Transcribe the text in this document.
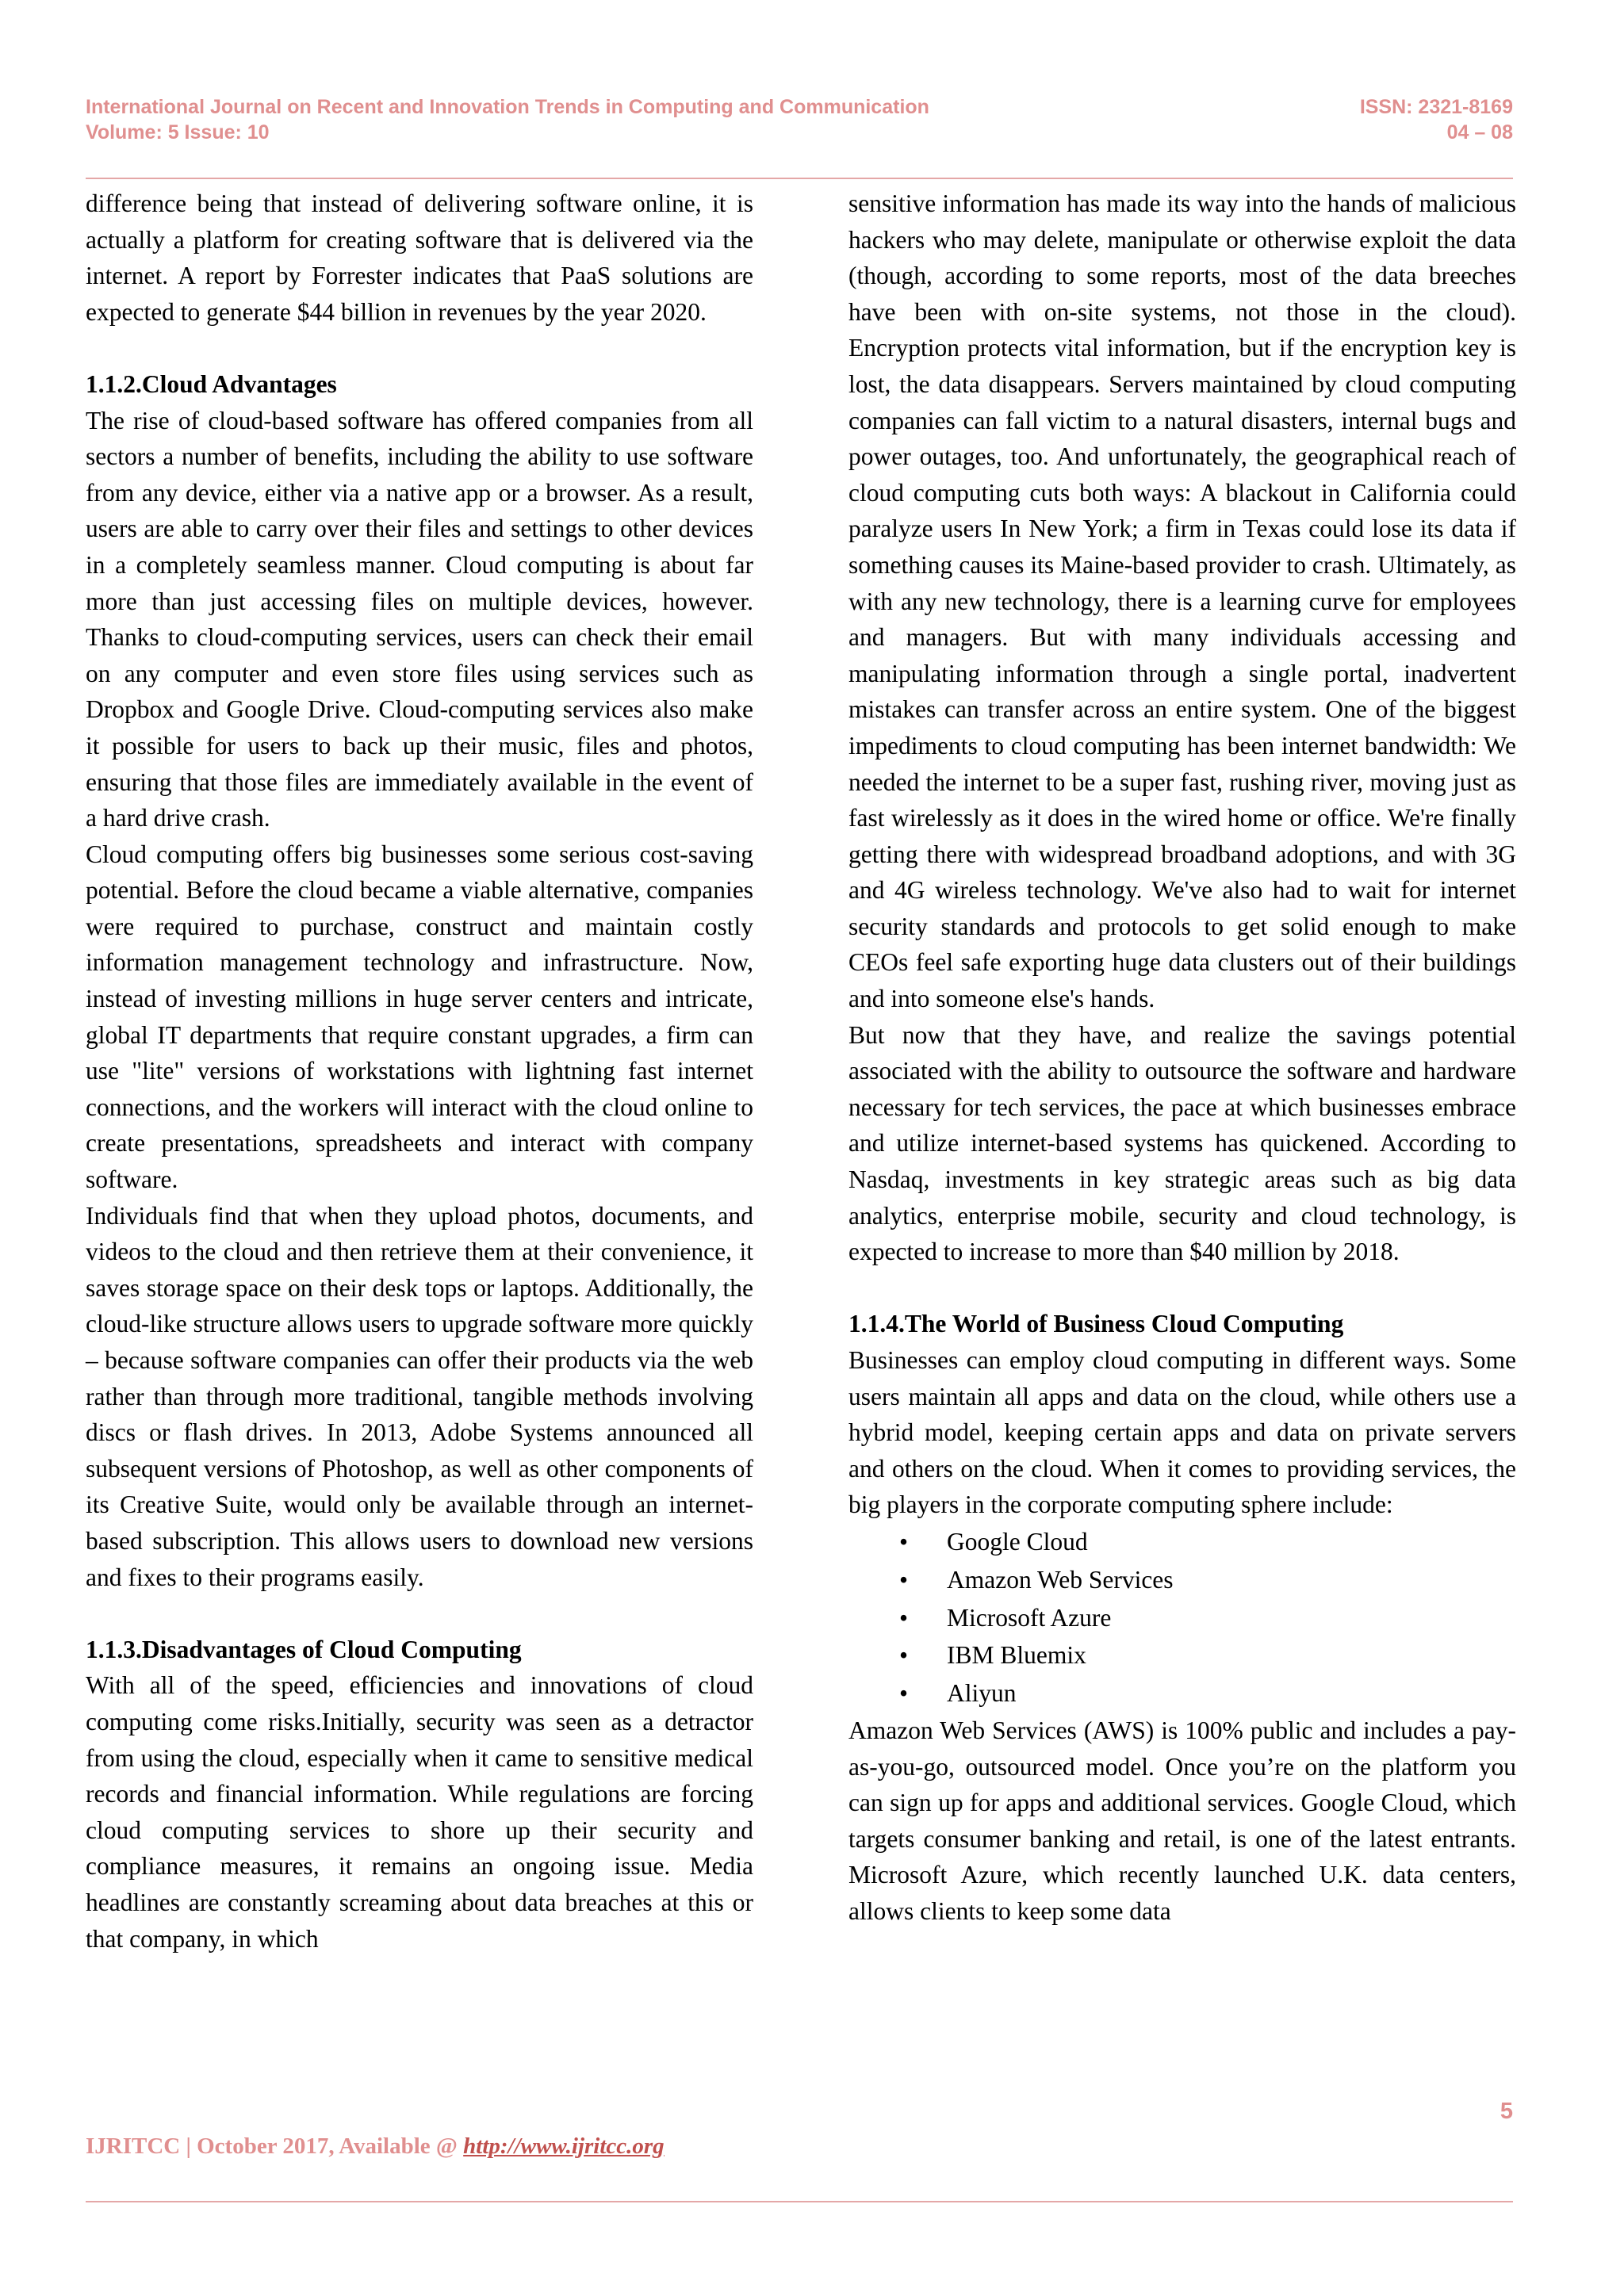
International Journal on Recent and Innovation Trends in Computing and Communication
Volume: 5 Issue: 10
ISSN: 2321-8169
04 – 08

difference being that instead of delivering software online, it is actually a platform for creating software that is delivered via the internet. A report by Forrester indicates that PaaS solutions are expected to generate $44 billion in revenues by the year 2020.

1.1.2.Cloud Advantages

The rise of cloud-based software has offered companies from all sectors a number of benefits, including the ability to use software from any device, either via a native app or a browser. As a result, users are able to carry over their files and settings to other devices in a completely seamless manner. Cloud computing is about far more than just accessing files on multiple devices, however. Thanks to cloud-computing services, users can check their email on any computer and even store files using services such as Dropbox and Google Drive. Cloud-computing services also make it possible for users to back up their music, files and photos, ensuring that those files are immediately available in the event of a hard drive crash.

Cloud computing offers big businesses some serious cost-saving potential. Before the cloud became a viable alternative, companies were required to purchase, construct and maintain costly information management technology and infrastructure. Now, instead of investing millions in huge server centers and intricate, global IT departments that require constant upgrades, a firm can use "lite" versions of workstations with lightning fast internet connections, and the workers will interact with the cloud online to create presentations, spreadsheets and interact with company software.

Individuals find that when they upload photos, documents, and videos to the cloud and then retrieve them at their convenience, it saves storage space on their desk tops or laptops. Additionally, the cloud-like structure allows users to upgrade software more quickly – because software companies can offer their products via the web rather than through more traditional, tangible methods involving discs or flash drives. In 2013, Adobe Systems announced all subsequent versions of Photoshop, as well as other components of its Creative Suite, would only be available through an internet-based subscription. This allows users to download new versions and fixes to their programs easily.

1.1.3.Disadvantages of Cloud Computing

With all of the speed, efficiencies and innovations of cloud computing come risks.Initially, security was seen as a detractor from using the cloud, especially when it came to sensitive medical records and financial information. While regulations are forcing cloud computing services to shore up their security and compliance measures, it remains an ongoing issue. Media headlines are constantly screaming about data breaches at this or that company, in which

sensitive information has made its way into the hands of malicious hackers who may delete, manipulate or otherwise exploit the data (though, according to some reports, most of the data breeches have been with on-site systems, not those in the cloud). Encryption protects vital information, but if the encryption key is lost, the data disappears. Servers maintained by cloud computing companies can fall victim to a natural disasters, internal bugs and power outages, too. And unfortunately, the geographical reach of cloud computing cuts both ways: A blackout in California could paralyze users In New York; a firm in Texas could lose its data if something causes its Maine-based provider to crash. Ultimately, as with any new technology, there is a learning curve for employees and managers. But with many individuals accessing and manipulating information through a single portal, inadvertent mistakes can transfer across an entire system. One of the biggest impediments to cloud computing has been internet bandwidth: We needed the internet to be a super fast, rushing river, moving just as fast wirelessly as it does in the wired home or office. We're finally getting there with widespread broadband adoptions, and with 3G and 4G wireless technology. We've also had to wait for internet security standards and protocols to get solid enough to make CEOs feel safe exporting huge data clusters out of their buildings and into someone else's hands.

But now that they have, and realize the savings potential associated with the ability to outsource the software and hardware necessary for tech services, the pace at which businesses embrace and utilize internet-based systems has quickened. According to Nasdaq, investments in key strategic areas such as big data analytics, enterprise mobile, security and cloud technology, is expected to increase to more than $40 million by 2018.

1.1.4.The World of Business Cloud Computing

Businesses can employ cloud computing in different ways. Some users maintain all apps and data on the cloud, while others use a hybrid model, keeping certain apps and data on private servers and others on the cloud. When it comes to providing services, the big players in the corporate computing sphere include:

• Google Cloud
• Amazon Web Services
• Microsoft Azure
• IBM Bluemix
• Aliyun

Amazon Web Services (AWS) is 100% public and includes a pay-as-you-go, outsourced model. Once you’re on the platform you can sign up for apps and additional services. Google Cloud, which targets consumer banking and retail, is one of the latest entrants. Microsoft Azure, which recently launched U.K. data centers, allows clients to keep some data

5
IJRITCC | October 2017, Available @ http://www.ijritcc.org
